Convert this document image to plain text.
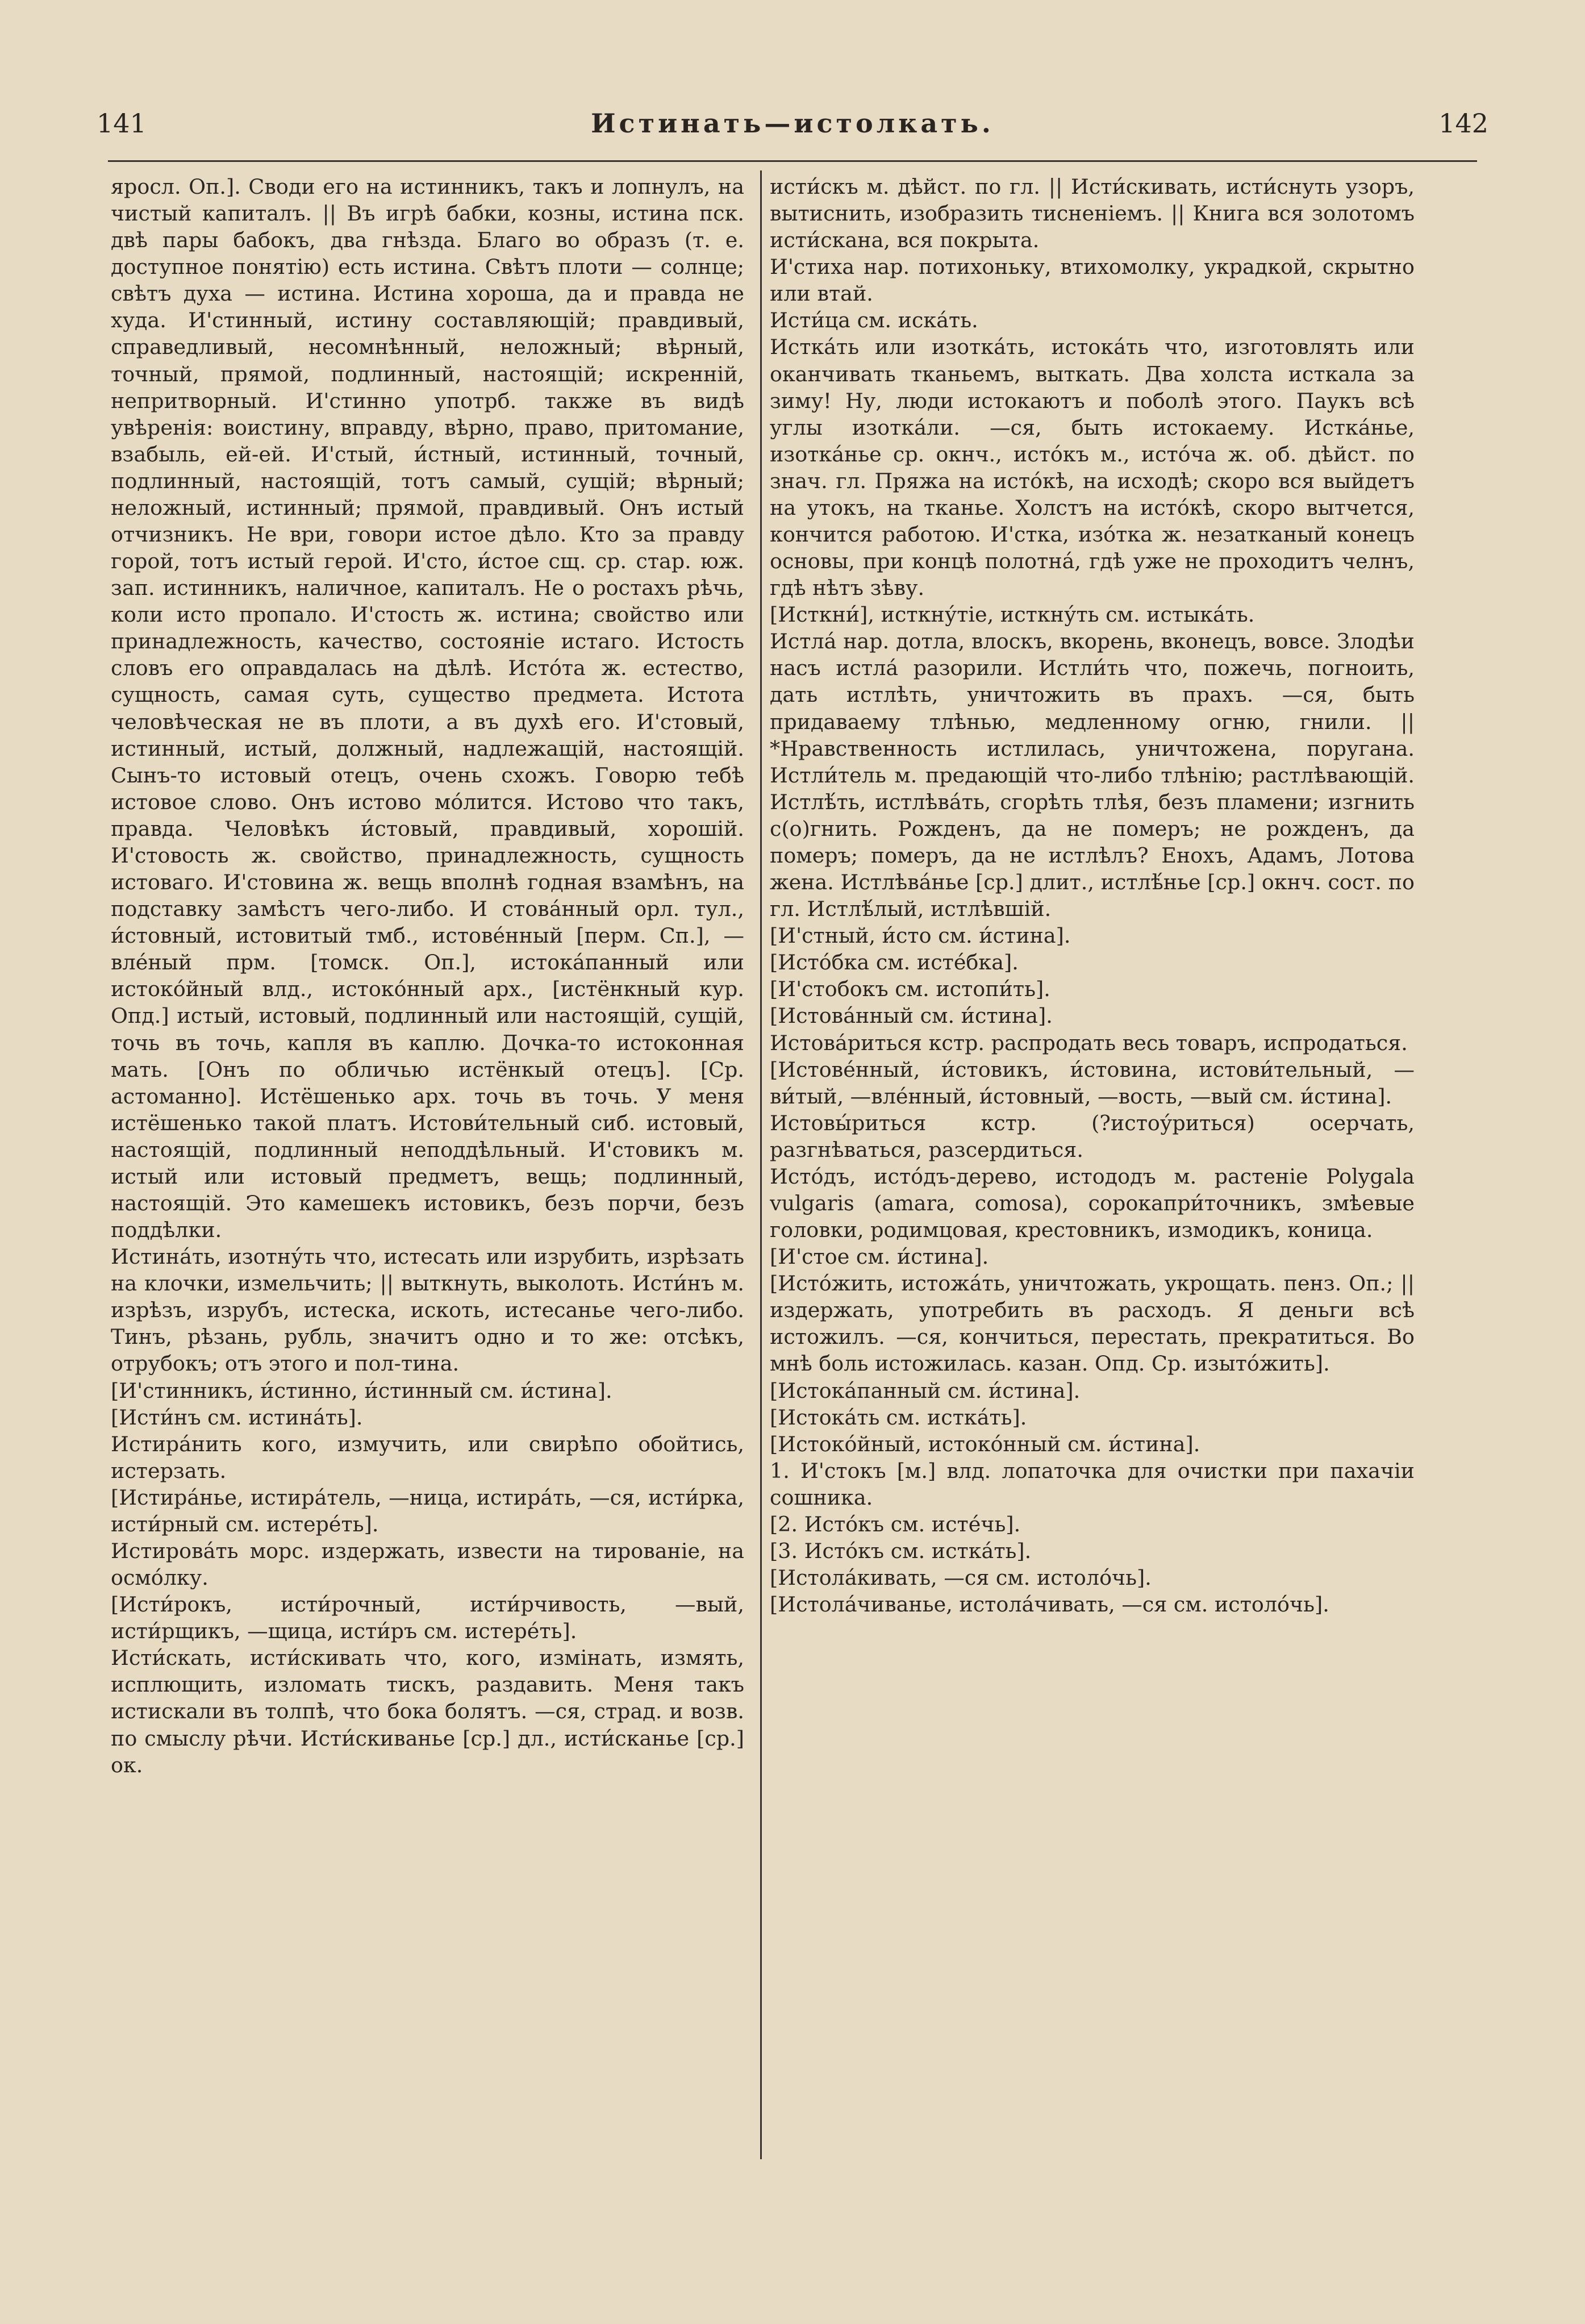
141	Истинать—истолкать.	142

яросл. Оп.]. Своди его на истинникъ, такъ и лопнулъ, на чистый капиталъ. || Въ игрѣ бабки, козны, истина пск. двѣ пары бабокъ, два гнѣзда. Благо во образъ (т. е. доступное понятію) есть истина. Свѣтъ плоти — солнце; свѣтъ духа — истина. Истина хороша, да и правда не худа. И'стинный, истину составляющій; правдивый, справедливый, несомнѣнный, неложный; вѣрный, точный, прямой, подлинный, настоящій; искренній, непритворный. И'стинно употрб. также въ видѣ увѣренія: воистину, вправду, вѣрно, право, притомание, взабыль, ей-ей. И'стый, и́стный, истинный, точный, подлинный, настоящій, тотъ самый, сущій; вѣрный; неложный, истинный; прямой, правдивый. Онъ истый отчизникъ. Не ври, говори истое дѣло. Кто за правду горой, тотъ истый герой. И'сто, и́стое сщ. ср. стар. юж. зап. истинникъ, наличное, капиталъ. Не о ростахъ рѣчь, коли исто пропало. И'стость ж. истина; свойство или принадлежность, качество, состояніе истаго. Истость словъ его оправдалась на дѣлѣ. Исто́та ж. естество, сущность, самая суть, существо предмета. Истота человѣческая не въ плоти, а въ духѣ его. И'стовый, истинный, истый, должный, надлежащій, настоящій. Сынъ-то истовый отецъ, очень схожъ. Говорю тебѣ истовое слово. Онъ истово мо́лится. Истово что такъ, правда. Человѣкъ и́стовый, правдивый, хорошій. И'стовость ж. свойство, принадлежность, сущность истоваго. И'стовина ж. вещь вполнѣ годная взамѣнъ, на подставку замѣстъ чего-либо. И стова́нный орл. тул., и́стовный, истовитый тмб., истове́нный [перм. Сп.], —вле́ный прм. [томск. Оп.], истока́панный или истоко́йный влд., истоко́нный арх., [истёнкный кур. Опд.] истый, истовый, подлинный или настоящій, сущій, точь въ точь, капля въ каплю. Дочка-то истоконная мать. [Онъ по обличью истёнкый отецъ]. [Ср. астоманно]. Истёшенько арх. точь въ точь. У меня истёшенько такой платъ. Истови́тельный сиб. истовый, настоящій, подлинный неподдѣльный. И'стовикъ м. истый или истовый предметъ, вещь; подлинный, настоящій. Это камешекъ истовикъ, безъ порчи, безъ поддѣлки.

Истина́ть, изотну́ть что, истесать или изрубить, изрѣзать на клочки, измельчить; || выткнуть, выколоть. Исти́нъ м. изрѣзъ, изрубъ, истеска, искоть, истесанье чего-либо. Тинъ, рѣзань, рубль, значитъ одно и то же: отсѣкъ, отрубокъ; отъ этого и пол-тина.

[И'стинникъ, и́стинно, и́стинный см. и́стина].

[Исти́нъ см. истина́ть].

Истира́нить кого, измучить, или свирѣпо обойтись, истерзать.

[Истира́нье, истира́тель, —ница, истира́ть, —ся, исти́рка, исти́рный см. истере́ть].

Истирова́ть морс. издержать, извести на тированіе, на осмо́лку.

[Исти́рокъ, исти́рочный, исти́рчивость, —вый, исти́рщикъ, —щица, исти́ръ см. истере́ть].

Исти́скать, исти́скивать что, кого, измінать, измять, исплющить, изломать тискъ, раздавить. Меня такъ истискали въ толпѣ, что бока болятъ. —ся, страд. и возв. по смыслу рѣчи. Исти́скиванье [ср.] дл., исти́сканье [ср.] ок.

исти́скъ м. дѣйст. по гл. || Исти́скивать, исти́снуть узоръ, вытиснить, изобразить тисненіемъ. || Книга вся золотомъ исти́скана, вся покрыта.

И'стиха нар. потихоньку, втихомолку, украдкой, скрытно или втай.

Исти́ца см. иска́ть.

Истка́ть или изотка́ть, истока́ть что, изготовлять или оканчивать тканьемъ, выткать. Два холста исткала за зиму! Ну, люди истокаютъ и поболѣ этого. Паукъ всѣ углы изотка́ли. —ся, быть истокаему. Истка́нье, изотка́нье ср. окнч., исто́къ м., исто́ча ж. об. дѣйст. по знач. гл. Пряжа на исто́кѣ, на исходѣ; скоро вся выйдетъ на утокъ, на тканье. Холстъ на исто́кѣ, скоро вытчется, кончится работою. И'стка, изо́тка ж. незатканый конецъ основы, при концѣ полотна́, гдѣ уже не проходитъ челнъ, гдѣ нѣтъ зѣву.

[Исткни́], исткну́тіе, исткну́ть см. истыка́ть.

Истла́ нар. дотла, влоскъ, вкорень, вконецъ, вовсе. Злодѣи насъ истла́ разорили. Истли́ть что, пожечь, погноить, дать истлѣть, уничтожить въ прахъ. —ся, быть придаваему тлѣнью, медленному огню, гнили. || *Нравственность истлилась, уничтожена, поругана. Истли́тель м. предающій что-либо тлѣнію; растлѣвающій. Истлѣ́ть, истлѣва́ть, сгорѣть тлѣя, безъ пламени; изгнить с(о)гнить. Рожденъ, да не померъ; не рожденъ, да померъ; померъ, да не истлѣлъ? Енохъ, Адамъ, Лотова жена. Истлѣва́нье [ср.] длит., истлѣ́нье [ср.] окнч. сост. по гл. Истлѣ́лый, истлѣвшій.

[И'стный, и́сто см. и́стина].

[Исто́бка см. исте́бка].

[И'стобокъ см. истопи́ть].

[Истова́нный см. и́стина].

Истова́риться кстр. распродать весь товаръ, испродаться.

[Истове́нный, и́стовикъ, и́стовина, истови́тельный, —ви́тый, —вле́нный, и́стовный, —вость, —вый см. и́стина].

Истовы́риться кстр. (?истоу́риться) осерчать, разгнѣваться, разсердиться.

Исто́дъ, исто́дъ-дерево, истододъ м. растеніе Polygala vulgaris (amara, comosa), сорокапри́точникъ, змѣевые головки, родимцовая, крестовникъ, измодикъ, коница.

[И'стое см. и́стина].

[Исто́жить, истожа́ть, уничтожать, укрощать. пенз. Оп.; || издержать, употребить въ расходъ. Я деньги всѣ истожилъ. —ся, кончиться, перестать, прекратиться. Во мнѣ боль истожилась. казан. Опд. Ср. изыто́жить].

[Истока́панный см. и́стина].

[Истока́ть см. истка́ть].

[Истоко́йный, истоко́нный см. и́стина].

1. И'стокъ [м.] влд. лопаточка для очистки при пахачіи сошника.

[2. Исто́къ см. исте́чь].

[3. Исто́къ см. истка́ть].

[Истола́кивать, —ся см. истоло́чь].

[Истола́чиванье, истола́чивать, —ся см. истоло́чь].
